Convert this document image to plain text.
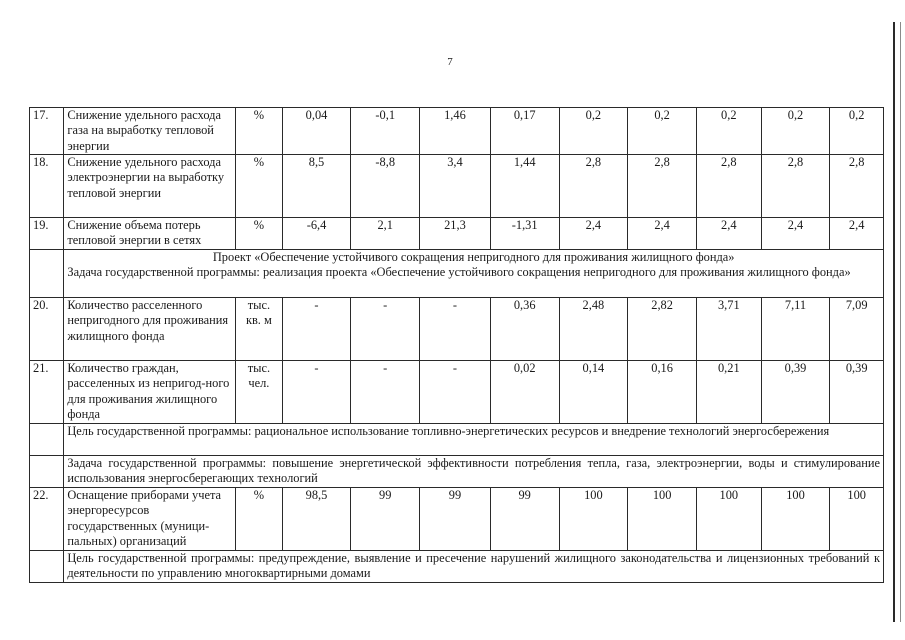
7
17.	Снижение удельного расхода газа на выработку тепловой энергии	%	0,04	-0,1	1,46	0,17	0,2	0,2	0,2	0,2	0,2
18.	Снижение удельного расхода электроэнергии на выработку тепловой энергии	%	8,5	-8,8	3,4	1,44	2,8	2,8	2,8	2,8	2,8
19.	Снижение объема потерь тепловой энергии в сетях	%	-6,4	2,1	21,3	-1,31	2,4	2,4	2,4	2,4	2,4

	Проект «Обеспечение устойчивого сокращения непригодного для проживания жилищного фонда»
Задача государственной программы: реализация проекта «Обеспечение устойчивого сокращения непригодного для проживания жилищного фонда»										

20.	Количество расселенного непригодного для проживания жилищного фонда	тыс. кв. м	-	-	-	0,36	2,48	2,82	3,71	7,11	7,09
21.	Количество граждан, расселенных из непригод-ного для проживания жилищного фонда	тыс. чел.	-	-	-	0,02	0,14	0,16	0,21	0,39	0,39
	Цель государственной программы: рациональное использование топливно-энергетических ресурсов и внедрение технологий энергосбережения										
	Задача государственной программы: повышение энергетической эффективности потребления тепла, газа, электроэнергии, воды и стимулирование использования энергосберегающих технологий										
22.	Оснащение приборами учета энергоресурсов государственных (муници-пальных) организаций	%	98,5	99	99	99	100	100	100	100	100
	Цель государственной программы: предупреждение, выявление и пресечение нарушений жилищного законодательства и лицензионных требований к деятельности по управлению многоквартирными домами										
